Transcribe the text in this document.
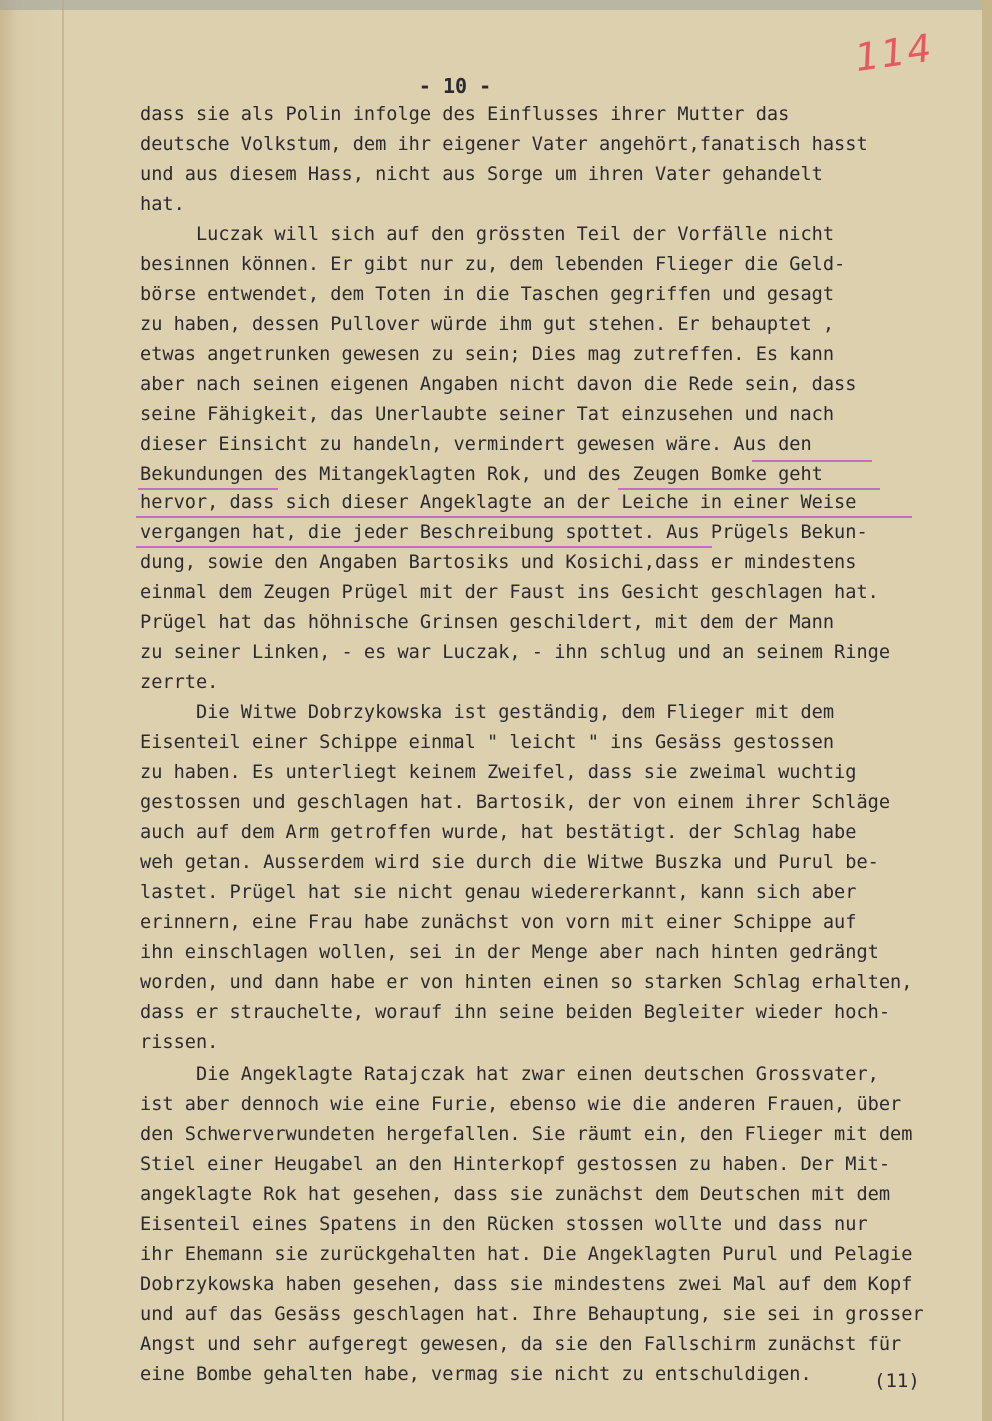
114
- 10 -
dass sie als Polin infolge des Einflusses ihrer Mutter das
deutsche Volkstum, dem ihr eigener Vater angehört,fanatisch hasst
und aus diesem Hass, nicht aus Sorge um ihren Vater gehandelt
hat.
Luczak will sich auf den grössten Teil der Vorfälle nicht
besinnen können. Er gibt nur zu, dem lebenden Flieger die Geld-
börse entwendet, dem Toten in die Taschen gegriffen und gesagt
zu haben, dessen Pullover würde ihm gut stehen. Er behauptet ,
etwas angetrunken gewesen zu sein; Dies mag zutreffen. Es kann
aber nach seinen eigenen Angaben nicht davon die Rede sein, dass
seine Fähigkeit, das Unerlaubte seiner Tat einzusehen und nach
dieser Einsicht zu handeln, vermindert gewesen wäre. Aus den
Bekundungen des Mitangeklagten Rok, und des Zeugen Bomke geht
hervor, dass sich dieser Angeklagte an der Leiche in einer Weise
vergangen hat, die jeder Beschreibung spottet. Aus Prügels Bekun-
dung, sowie den Angaben Bartosiks und Kosichi,dass er mindestens
einmal dem Zeugen Prügel mit der Faust ins Gesicht geschlagen hat.
Prügel hat das höhnische Grinsen geschildert, mit dem der Mann
zu seiner Linken, - es war Luczak, - ihn schlug und an seinem Ringe
zerrte.
Die Witwe Dobrzykowska ist geständig, dem Flieger mit dem
Eisenteil einer Schippe einmal " leicht " ins Gesäss gestossen
zu haben. Es unterliegt keinem Zweifel, dass sie zweimal wuchtig
gestossen und geschlagen hat. Bartosik, der von einem ihrer Schläge
auch auf dem Arm getroffen wurde, hat bestätigt. der Schlag habe
weh getan. Ausserdem wird sie durch die Witwe Buszka und Purul be-
lastet. Prügel hat sie nicht genau wiedererkannt, kann sich aber
erinnern, eine Frau habe zunächst von vorn mit einer Schippe auf
ihn einschlagen wollen, sei in der Menge aber nach hinten gedrängt
worden, und dann habe er von hinten einen so starken Schlag erhalten,
dass er strauchelte, worauf ihn seine beiden Begleiter wieder hoch-
rissen.
Die Angeklagte Ratajczak hat zwar einen deutschen Grossvater,
ist aber dennoch wie eine Furie, ebenso wie die anderen Frauen, über
den Schwerverwundeten hergefallen. Sie räumt ein, den Flieger mit dem
Stiel einer Heugabel an den Hinterkopf gestossen zu haben. Der Mit-
angeklagte Rok hat gesehen, dass sie zunächst dem Deutschen mit dem
Eisenteil eines Spatens in den Rücken stossen wollte und dass nur
ihr Ehemann sie zurückgehalten hat. Die Angeklagten Purul und Pelagie
Dobrzykowska haben gesehen, dass sie mindestens zwei Mal auf dem Kopf
und auf das Gesäss geschlagen hat. Ihre Behauptung, sie sei in grosser
Angst und sehr aufgeregt gewesen, da sie den Fallschirm zunächst für
eine Bombe gehalten habe, vermag sie nicht zu entschuldigen.	(11)
